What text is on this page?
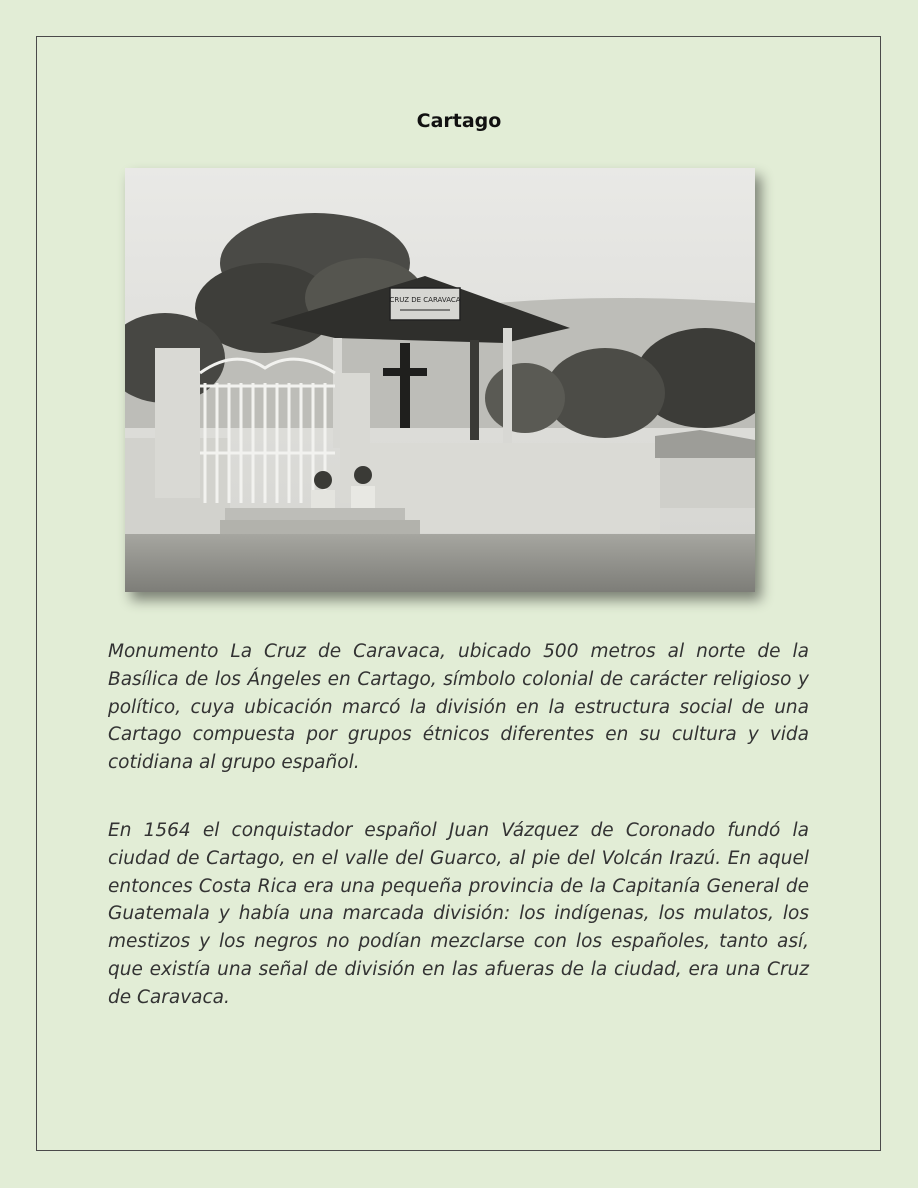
Cartago
CRUZ DE CARAVACA

Monumento La Cruz de Caravaca, ubicado 500 metros al norte de la Basílica de los Ángeles en Cartago, símbolo colonial de carácter religioso y político, cuya ubicación marcó la división en la estructura social de una Cartago compuesta por grupos étnicos diferentes en su cultura y vida cotidiana al grupo español.

En 1564 el conquistador español Juan Vázquez de Coronado fundó la ciudad de Cartago, en el valle del Guarco, al pie del Volcán Irazú. En aquel entonces Costa Rica era una pequeña provincia de la Capitanía General de Guatemala y había una marcada división: los indígenas, los mulatos, los mestizos y los negros no podían mezclarse con los españoles, tanto así, que existía una señal de división en las afueras de la ciudad, era una Cruz de Caravaca.
